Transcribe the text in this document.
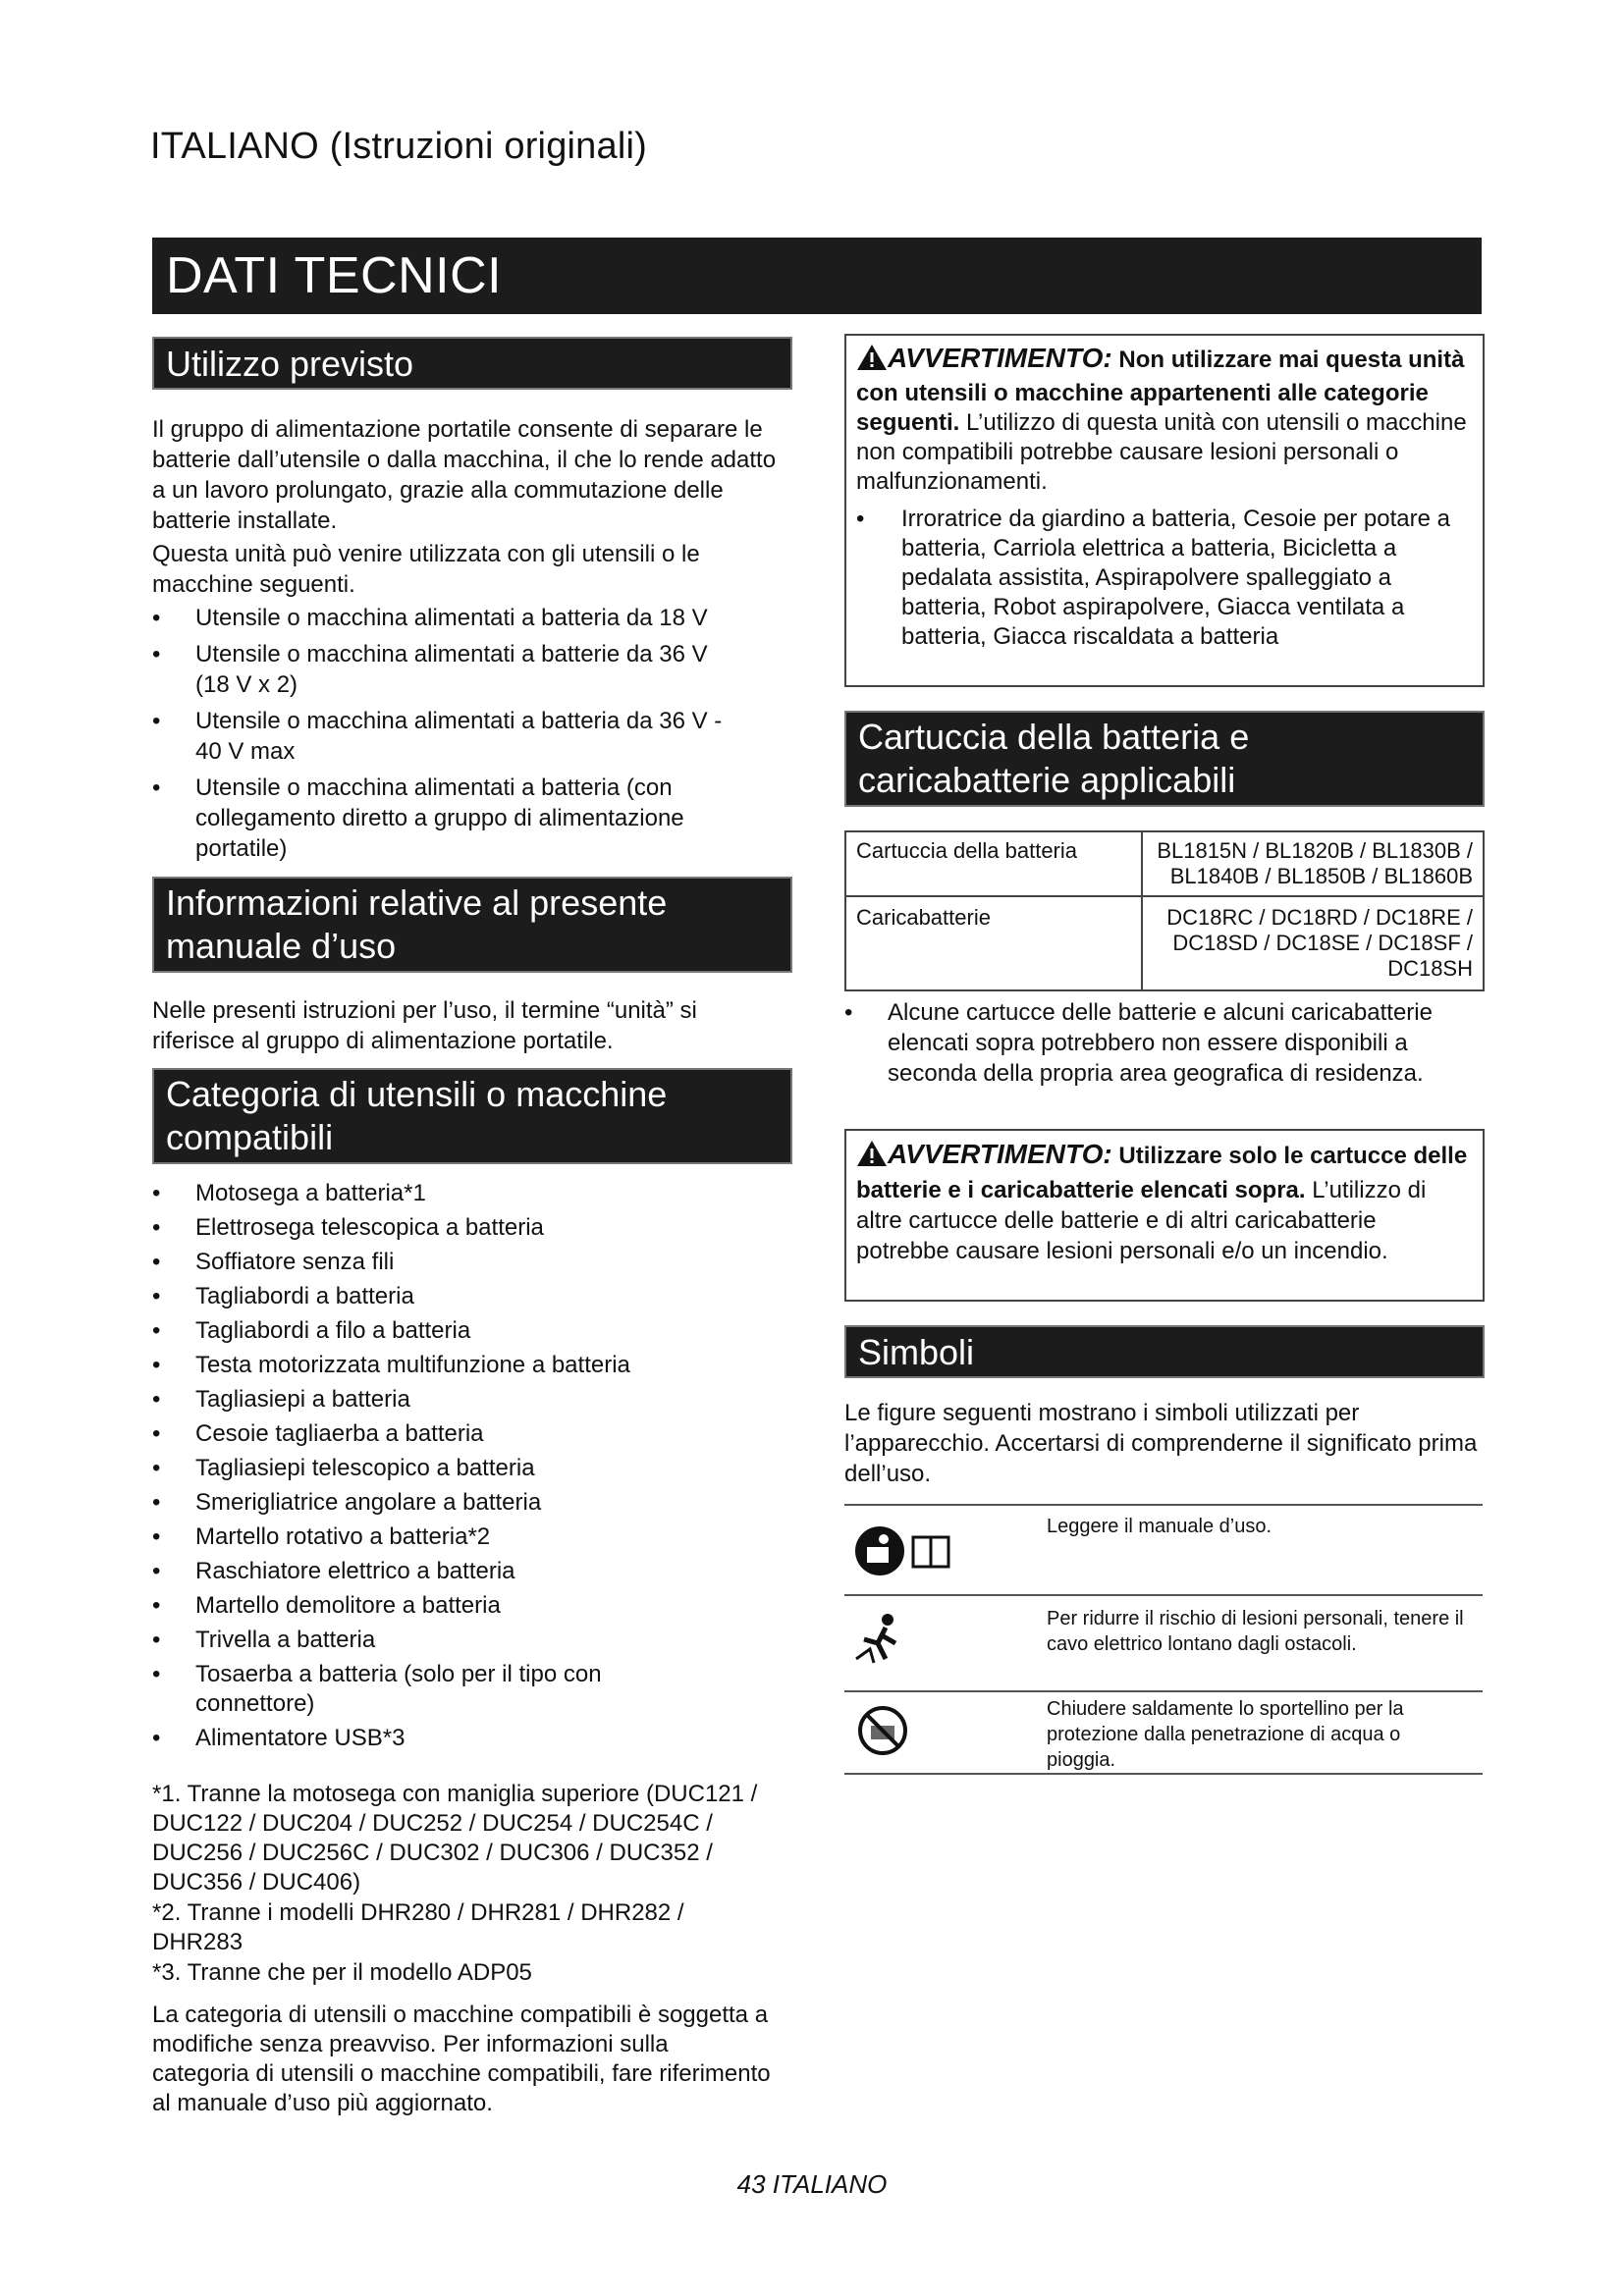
ITALIANO (Istruzioni originali)
DATI TECNICI
Utilizzo previsto
Il gruppo di alimentazione portatile consente di separare le batterie dall’utensile o dalla macchina, il che lo rende adatto a un lavoro prolungato, grazie alla commutazione delle batterie installate.
Questa unità può venire utilizzata con gli utensili o le macchine seguenti.
• Utensile o macchina alimentati a batteria da 18 V
• Utensile o macchina alimentati a batterie da 36 V (18 V x 2)
• Utensile o macchina alimentati a batteria da 36 V - 40 V max
• Utensile o macchina alimentati a batteria (con collegamento diretto a gruppo di alimentazione portatile)
Informazioni relative al presente
manuale d’uso
Nelle presenti istruzioni per l’uso, il termine “unità” si riferisce al gruppo di alimentazione portatile.
Categoria di utensili o macchine
compatibili
• Motosega a batteria*1
• Elettrosega telescopica a batteria
• Soffiatore senza fili
• Tagliabordi a batteria
• Tagliabordi a filo a batteria
• Testa motorizzata multifunzione a batteria
• Tagliasiepi a batteria
• Cesoie tagliaerba a batteria
• Tagliasiepi telescopico a batteria
• Smerigliatrice angolare a batteria
• Martello rotativo a batteria*2
• Raschiatore elettrico a batteria
• Martello demolitore a batteria
• Trivella a batteria
• Tosaerba a batteria (solo per il tipo con connettore)
• Alimentatore USB*3
*1. Tranne la motosega con maniglia superiore (DUC121 / DUC122 / DUC204 / DUC252 / DUC254 / DUC254C / DUC256 / DUC256C / DUC302 / DUC306 / DUC352 / DUC356 / DUC406)
*2. Tranne i modelli DHR280 / DHR281 / DHR282 / DHR283
*3. Tranne che per il modello ADP05
La categoria di utensili o macchine compatibili è soggetta a modifiche senza preavviso. Per informazioni sulla categoria di utensili o macchine compatibili, fare riferimento al manuale d’uso più aggiornato.
AVVERTIMENTO: Non utilizzare mai questa unità con utensili o macchine appartenenti alle categorie seguenti. L’utilizzo di questa unità con utensili o macchine non compatibili potrebbe causare lesioni personali o malfunzionamenti.
• Irroratrice da giardino a batteria, Cesoie per potare a batteria, Carriola elettrica a batteria, Bicicletta a pedalata assistita, Aspirapolvere spalleggiato a batteria, Robot aspirapolvere, Giacca ventilata a batteria, Giacca riscaldata a batteria
Cartuccia della batteria e
caricabatterie applicabili
Cartuccia della batteria	BL1815N / BL1820B / BL1830B / BL1840B / BL1850B / BL1860B
Caricabatterie	DC18RC / DC18RD / DC18RE / DC18SD / DC18SE / DC18SF / DC18SH
• Alcune cartucce delle batterie e alcuni caricabatterie elencati sopra potrebbero non essere disponibili a seconda della propria area geografica di residenza.
AVVERTIMENTO: Utilizzare solo le cartucce delle batterie e i caricabatterie elencati sopra. L’utilizzo di altre cartucce delle batterie e di altri caricabatterie potrebbe causare lesioni personali e/o un incendio.
Simboli
Le figure seguenti mostrano i simboli utilizzati per l’apparecchio. Accertarsi di comprenderne il significato prima dell’uso.
Leggere il manuale d’uso.
Per ridurre il rischio di lesioni personali, tenere il cavo elettrico lontano dagli ostacoli.
Chiudere saldamente lo sportellino per la protezione dalla penetrazione di acqua o pioggia.
43 ITALIANO
